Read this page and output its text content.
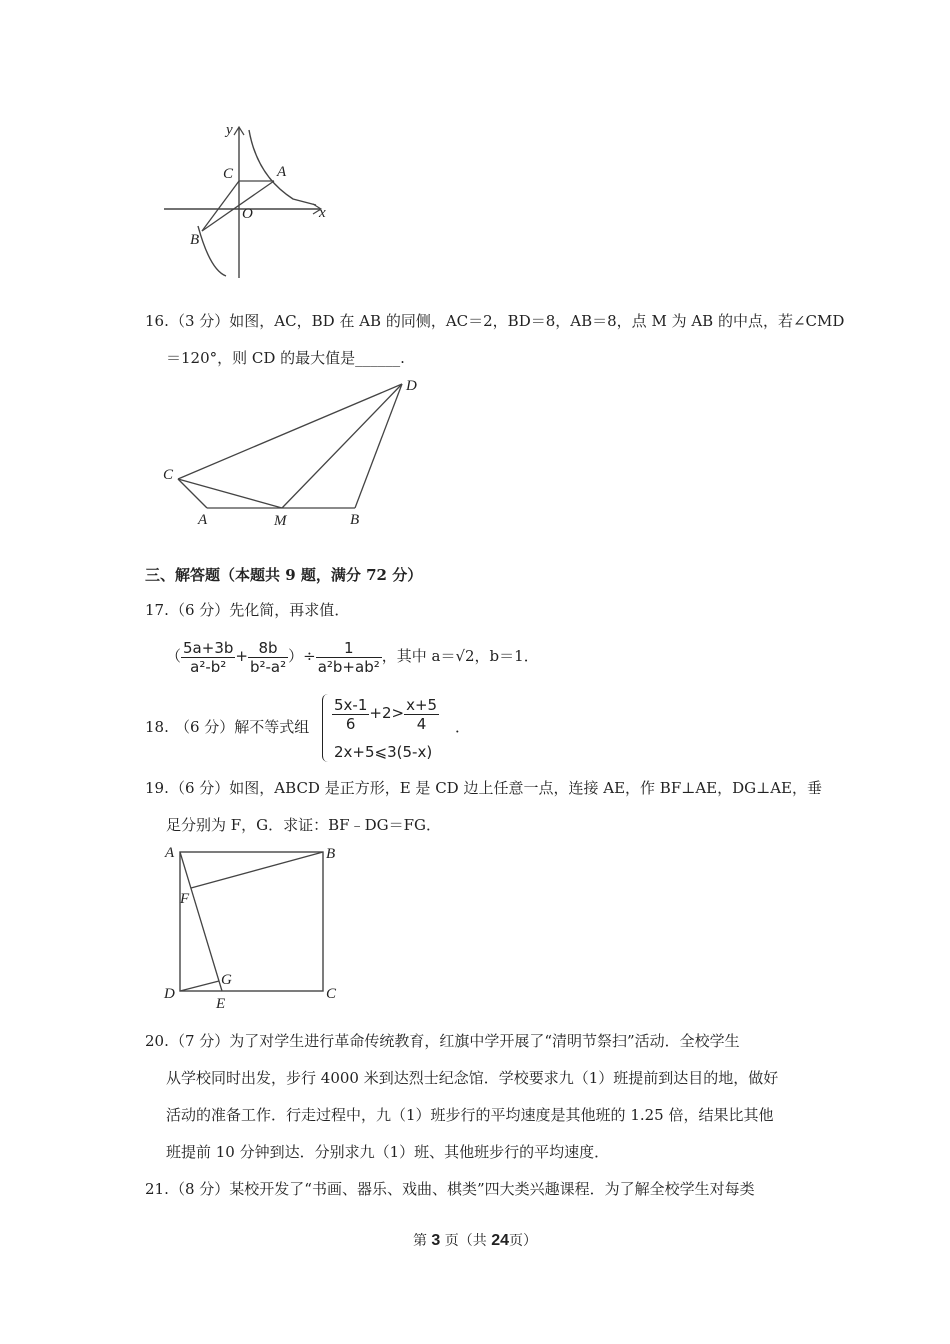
y
x
C	A
O
B
16. （3 分）如图，AC，BD 在 AB 的同侧，AC＝2，BD＝8，AB＝8，点 M 为 AB 的中点，若∠CMD
＝120°，则 CD 的最大值是______.
C
D
A	M	B
三、解答题（本题共 9 题，满分 72 分）
17. （6 分）先化简，再求值．
（ $\frac{5a+3b}{\text{a²-b²}} + \frac{8b}{\text{b²-a²}}$ ）÷ $\frac{1}{\text{a²b+ab²}}$ ，其中 a＝√2，b＝1．
18. （6 分）解不等式组 $\frac{5x-1}{6} +2> \frac{x+5}{4}$
2x+5⩽3(5-x)
．
19. （6 分）如图，ABCD 是正方形，E 是 CD 边上任意一点，连接 AE，作 BF⊥AE，DG⊥AE，垂
足分别为 F，G．求证：BF﹣DG＝FG．
A	B
F
G
D
E
C
20. （7 分）为了对学生进行革命传统教育，红旗中学开展了“清明节祭扫”活动．全校学生
从学校同时出发，步行 4000 米到达烈士纪念馆．学校要求九（1）班提前到达目的地，做好
活动的准备工作．行走过程中，九（1）班步行的平均速度是其他班的 1.25 倍，结果比其他
班提前 10 分钟到达．分别求九（1）班、其他班步行的平均速度．
21. （8 分）某校开发了“书画、器乐、戏曲、棋类”四大类兴趣课程．为了解全校学生对每类
第 3 页（共 24页）
